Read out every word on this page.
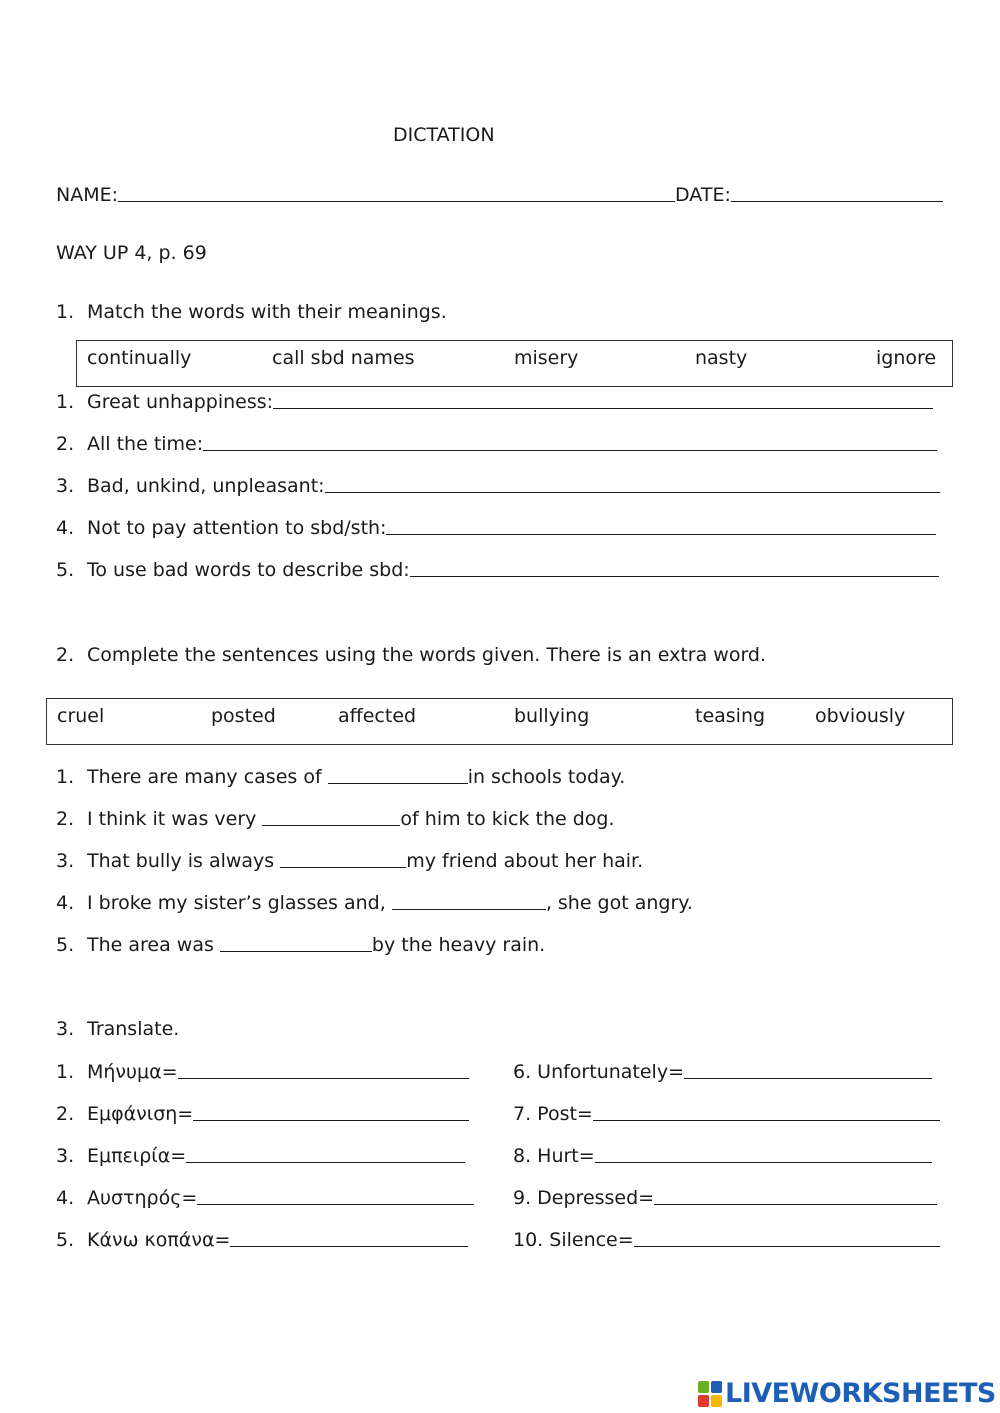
DICTATION
NAME:	DATE:
WAY UP 4, p. 69
1. Match the words with their meanings.
continually	call sbd names	misery	nasty	ignore
1. Great unhappiness:
2. All the time:
3. Bad, unkind, unpleasant:
4. Not to pay attention to sbd/sth:
5. To use bad words to describe sbd:
2. Complete the sentences using the words given. There is an extra word.
cruel	posted	affected	bullying	teasing	obviously
1. There are many cases of	in schools today.
2. I think it was very	of him to kick the dog.
3. That bully is always	my friend about her hair.
4. I broke my sister’s glasses and,	, she got angry.
5. The area was	by the heavy rain.
3. Translate.
1. Μήνυμα=
2. Εμφάνιση=
3. Εμπειρία=
4. Αυστηρός=
5. Κάνω κοπάνα=
6. Unfortunately=
7. Post=
8. Hurt=
9. Depressed=
10. Silence=
LIVEWORKSHEETS
